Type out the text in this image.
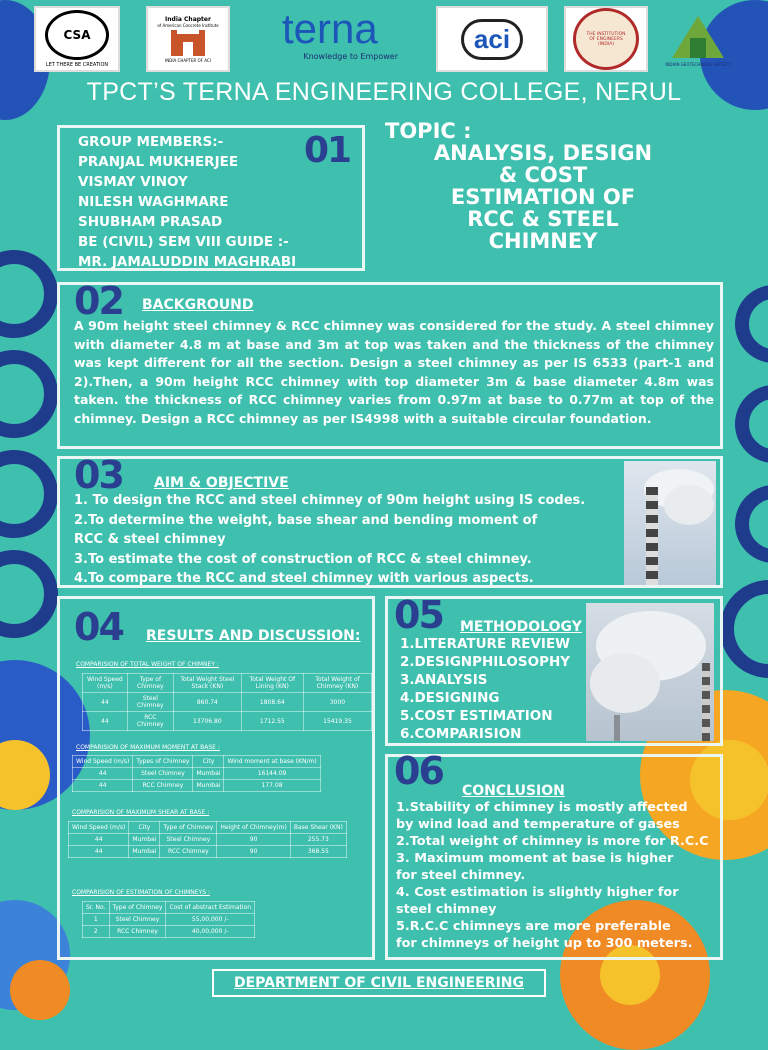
CSA
LET THERE BE CREATION
India Chapter
of American Concrete Institute
INDIA CHAPTER OF ACI
terna
Knowledge to Empower
aci	THE INSTITUTION OF ENGINEERS (INDIA)
INDIAN GEOTECHNICAL SOCIETY
TPCT’S TERNA ENGINEERING COLLEGE, NERUL
GROUP MEMBERS:-
PRANJAL MUKHERJEE
VISMAY VINOY
NILESH WAGHMARE
SHUBHAM PRASAD
BE (CIVIL) SEM VIII GUIDE :-
MR. JAMALUDDIN MAGHRABI
01 TOPIC :
ANALYSIS, DESIGN
& COST
ESTIMATION OF
RCC & STEEL
CHIMNEY
02 BACKGROUND
A 90m height steel chimney & RCC chimney was considered for the study. A steel chimney with diameter 4.8 m at base and 3m at top was taken and the thickness of the chimney was kept different for all the section. Design a steel chimney as per IS 6533 (part-1 and 2).Then, a 90m height RCC chimney with top diameter 3m & base diameter 4.8m was taken. the thickness of RCC chimney varies from 0.97m at base to 0.77m at top of the chimney. Design a RCC chimney as per IS4998 with a suitable circular foundation.
03 AIM & OBJECTIVE
1. To design the RCC and steel chimney of 90m height using IS codes.
2.To determine the weight, base shear and bending moment of
RCC & steel chimney
3.To estimate the cost of construction of RCC & steel chimney.
4.To compare the RCC and steel chimney with various aspects.
04 RESULTS AND DISCUSSION:
COMPARISION OF TOTAL WEIGHT OF CHIMNEY :
Wind Speed (m/s)	Type of Chimney	Total Weight Steel Stack (KN)	Total Weight Of Lining (KN)	Total Weight of Chimney (KN)
44	Steel Chimney	860.74	1808.64	3000
44	RCC Chimney	13706.80	1712.55	15419.35
COMPARISION OF MAXIMUM MOMENT AT BASE :
Wind Speed (m/s)	Types of Chimney	City	Wind moment at base (KN/m)
44	Steel Chimney	Mumbai	16144.09
44	RCC Chimney	Mumbai	177.08
COMPARISION OF MAXIMUM SHEAR AT BASE :
Wind Speed (m/s)	City	Type of Chimney	Height of Chimney(m)	Base Shear (KN)
44	Mumbai	Steel Chimney	90	255.73
44	Mumbai	RCC Chimney	90	368.55
COMPARISION OF ESTIMATION OF CHIMNEYS :
Sr. No.	Type of Chimney	Cost of abstract Estimation
1	Steel Chimney	55,00,000 /-
2	RCC Chimney	40,00,000 /-
05 METHODOLOGY
1.LITERATURE REVIEW
2.DESIGNPHILOSOPHY
3.ANALYSIS
4.DESIGNING
5.COST ESTIMATION
6.COMPARISION
06 CONCLUSION
1.Stability of chimney is mostly affected
by wind load and temperature of gases
2.Total weight of chimney is more for R.C.C
3. Maximum moment at base is higher
for steel chimney.
4. Cost estimation is slightly higher for
steel chimney
5.R.C.C chimneys are more preferable
for chimneys of height up to 300 meters.
DEPARTMENT OF CIVIL ENGINEERING
